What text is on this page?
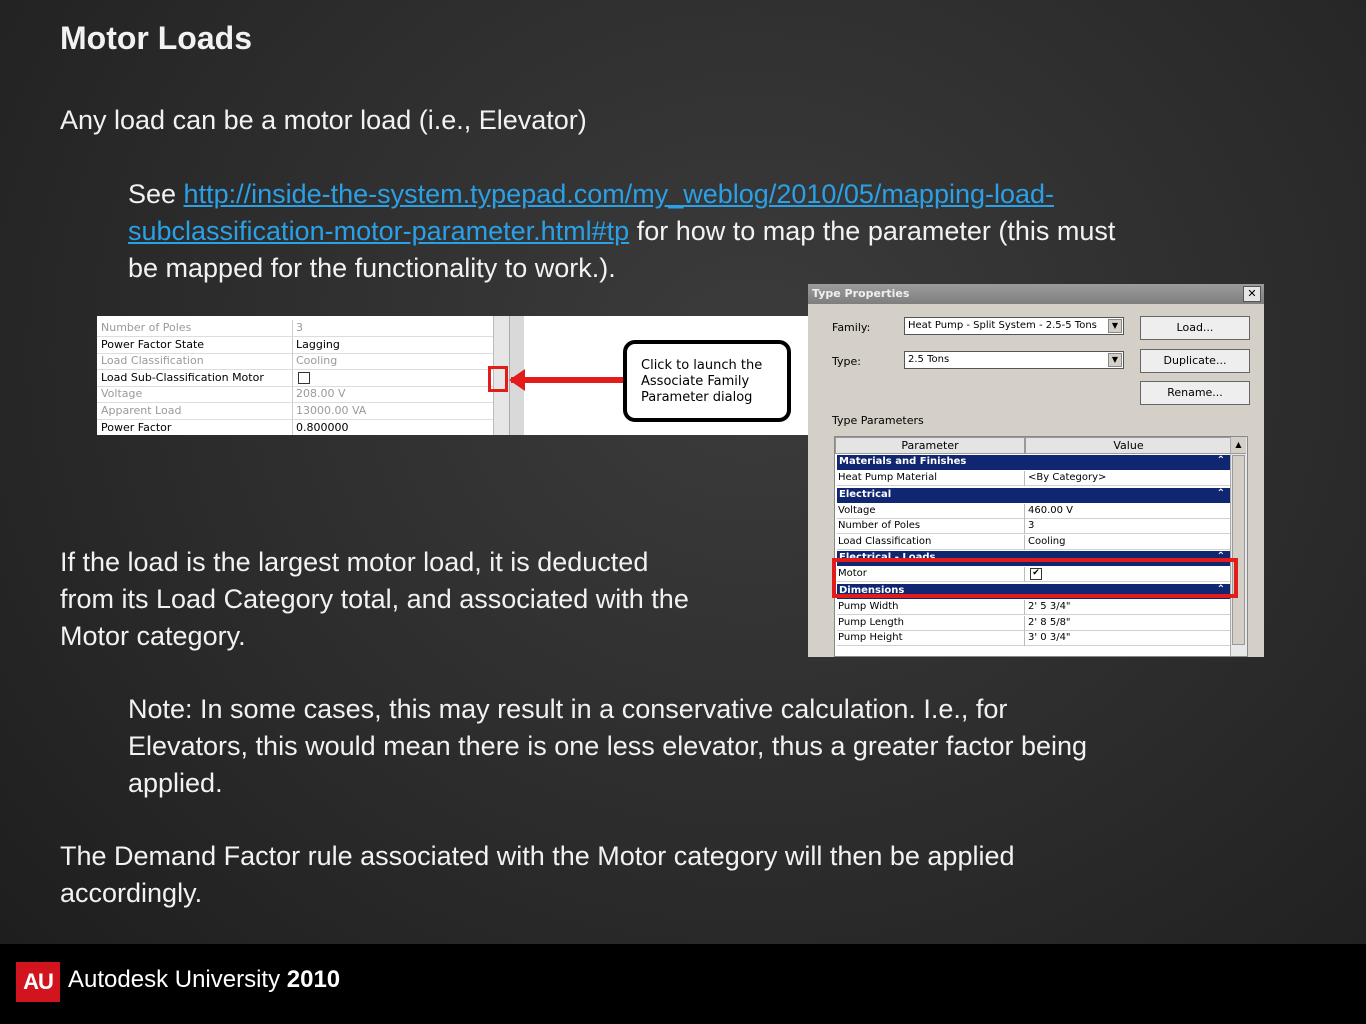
Motor Loads
Any load can be a motor load (i.e., Elevator)
See http://inside-the-system.typepad.com/my_weblog/2010/05/mapping-load-
subclassification-motor-parameter.html#tp for how to map the parameter (this must
be mapped for the functionality to work.).
Number of Poles	3
Power Factor State	Lagging
Load Classification	Cooling
Load Sub-Classification Motor
Voltage	208.00 V
Apparent Load	13000.00 VA
Power Factor	0.800000
Click to launch the Associate Family Parameter dialog
Type Properties	✕
Family:	Heat Pump - Split System - 2.5-5 Tons	▼
Type:	2.5 Tons	▼
Load...
Duplicate...
Rename...
Type Parameters
Parameter	Value
Materials and Finishes	⌃
Heat Pump Material	<By Category>
Electrical	⌃
Voltage	460.00 V
Number of Poles	3
Load Classification	Cooling
Electrical - Loads	⌃
Motor	✔
Dimensions	⌃
Pump Width	2' 5 3/4"
Pump Length	2' 8 5/8"
Pump Height	3' 0 3/4"
▲
If the load is the largest motor load, it is deducted
from its Load Category total, and associated with the
Motor category.
Note: In some cases, this may result in a conservative calculation. I.e., for
Elevators, this would mean there is one less elevator, thus a greater factor being
applied.
The Demand Factor rule associated with the Motor category will then be applied
accordingly.
AU Autodesk University 2010
